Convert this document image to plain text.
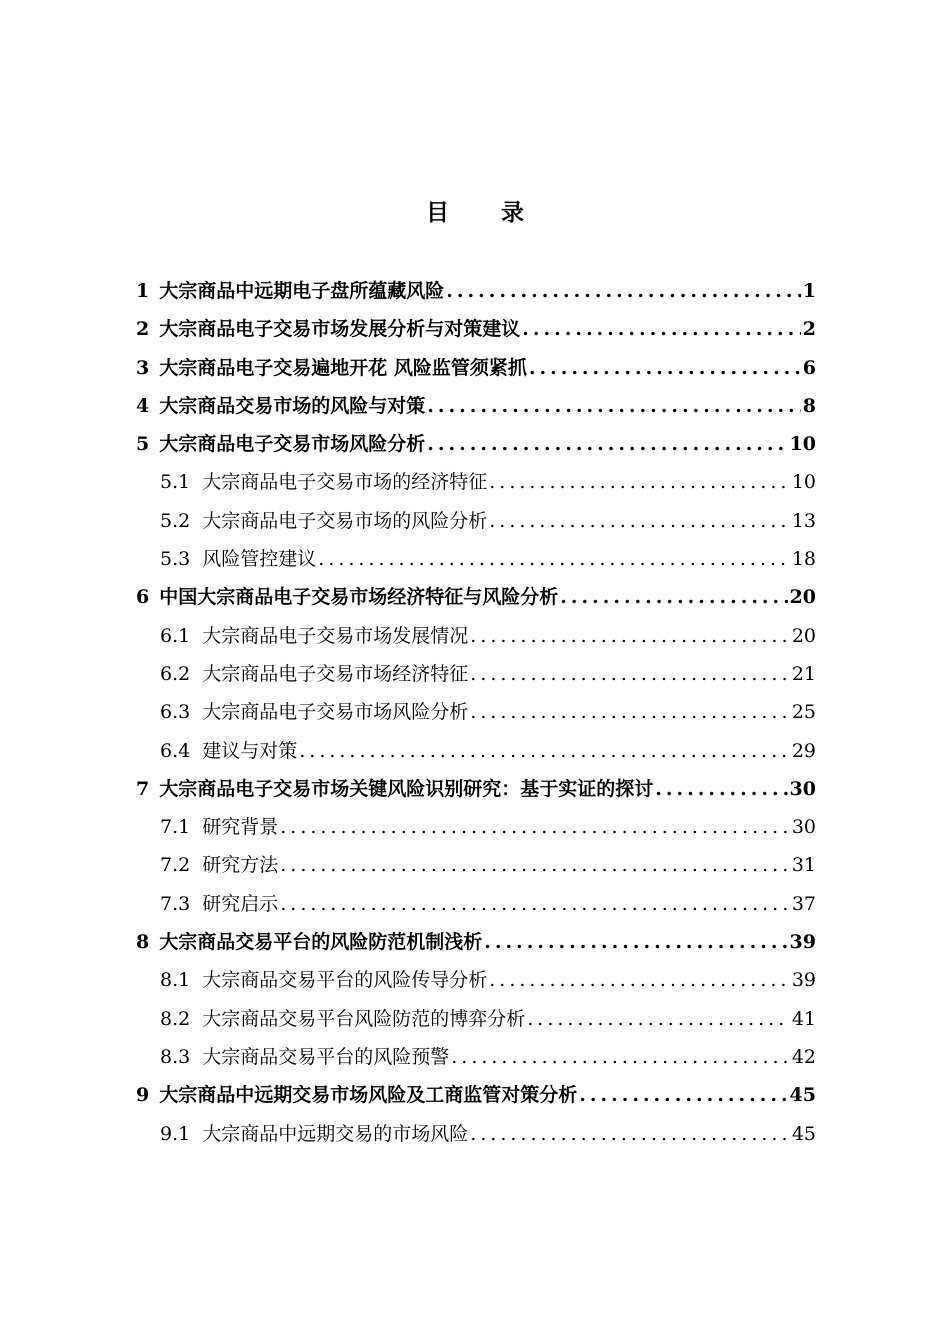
目 录
1 大宗商品中远期电子盘所蕴藏风险 .....	1
2 大宗商品电子交易市场发展分析与对策建议 .....	2
3 大宗商品电子交易遍地开花 风险监管须紧抓 .....	6
4 大宗商品交易市场的风险与对策 .....	8
5 大宗商品电子交易市场风险分析 .....	10
5.1 大宗商品电子交易市场的经济特征 .....	10
5.2 大宗商品电子交易市场的风险分析 .....	13
5.3 风险管控建议 .....	18
6 中国大宗商品电子交易市场经济特征与风险分析 .....	20
6.1 大宗商品电子交易市场发展情况 .....	20
6.2 大宗商品电子交易市场经济特征 .....	21
6.3 大宗商品电子交易市场风险分析 .....	25
6.4 建议与对策 .....	29
7 大宗商品电子交易市场关键风险识别研究：基于实证的探讨 .....	30
7.1 研究背景 .....	30
7.2 研究方法 .....	31
7.3 研究启示 .....	37
8 大宗商品交易平台的风险防范机制浅析 .....	39
8.1 大宗商品交易平台的风险传导分析 .....	39
8.2 大宗商品交易平台风险防范的博弈分析 .....	41
8.3 大宗商品交易平台的风险预警 .....	42
9 大宗商品中远期交易市场风险及工商监管对策分析 .....	45
9.1 大宗商品中远期交易的市场风险 .....	45
